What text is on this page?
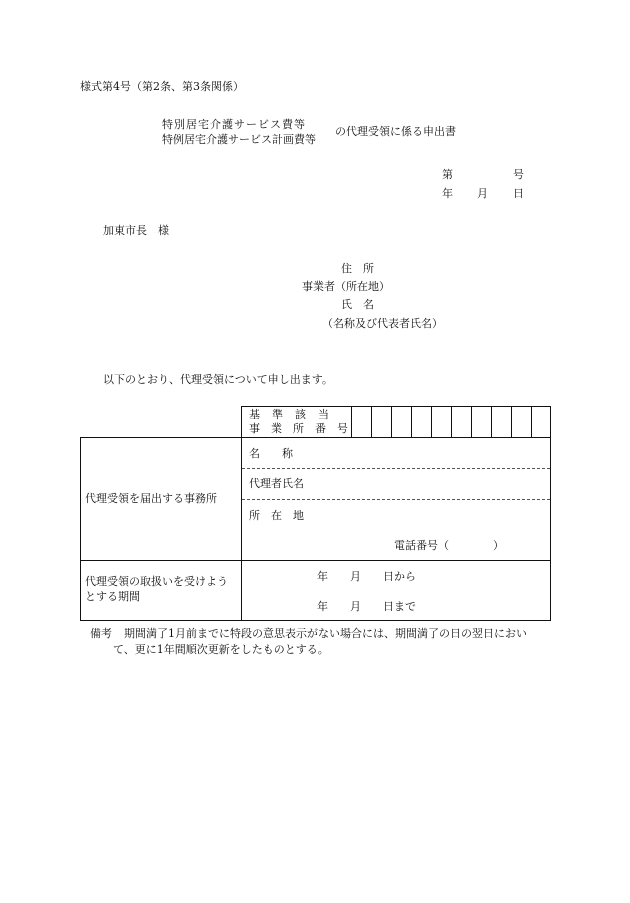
様式第4号（第2条、第3条関係）
特別居宅介護サービス費等
特例居宅介護サービス計画費等
の代理受領に係る申出書
第	号
年 月 日
加東市長　様
住　所
事業者（所在地）
氏　名
（名称及び代表者氏名）
以下のとおり、代理受領について申し出ます。
基　準　該　当
事　業　所　番　号
代理受領を届出する事務所
名　　称
代理者氏名
所　在　地
電話番号（　　　　）
代理受領の取扱いを受けよう
とする期間
年　　月　　日から
年　　月　　日まで
備考 期間満了1月前までに特段の意思表示がない場合には、期間満了の日の翌日におい
て、更に1年間順次更新をしたものとする。
